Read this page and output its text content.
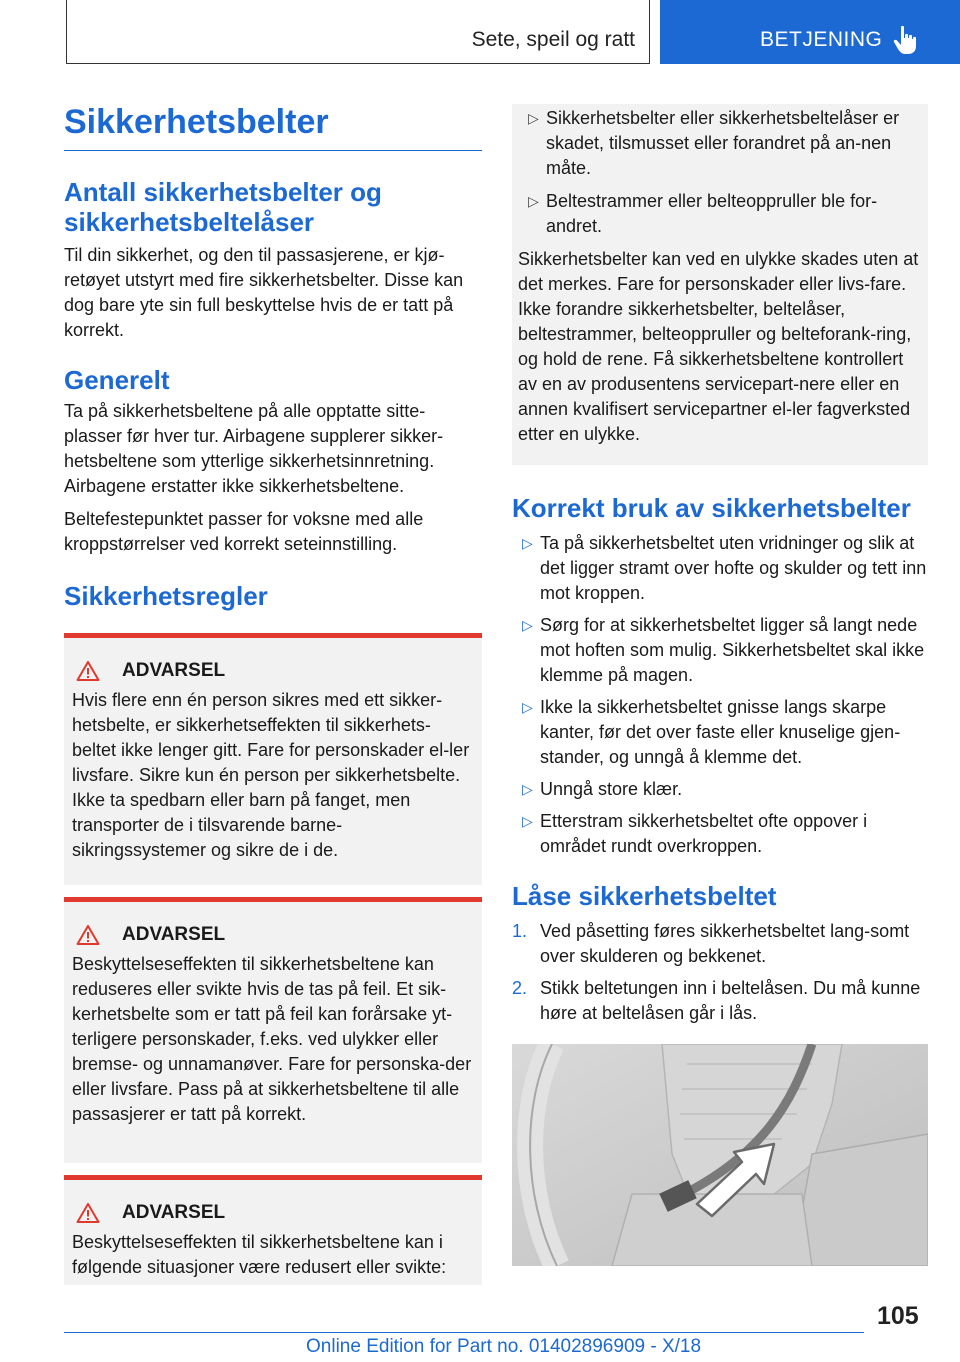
Sete, speil og ratt	BETJENING
Sikkerhetsbelter
Antall sikkerhetsbelter og sikkerhetsbeltelåser

Til din sikkerhet, og den til passasjerene, er kjø-retøyet utstyrt med fire sikkerhetsbelter. Disse kan dog bare yte sin full beskyttelse hvis de er tatt på korrekt.

Generelt

Ta på sikkerhetsbeltene på alle opptatte sitte-plasser før hver tur. Airbagene supplerer sikker-hetsbeltene som ytterlige sikkerhetsinnretning. Airbagene erstatter ikke sikkerhetsbeltene.

Beltefestepunktet passer for voksne med alle kroppstørrelser ved korrekt seteinnstilling.

Sikkerhetsregler
ADVARSEL

Hvis flere enn én person sikres med ett sikker-hetsbelte, er sikkerhetseffekten til sikkerhets-beltet ikke lenger gitt. Fare for personskader el-ler livsfare. Sikre kun én person per sikkerhetsbelte. Ikke ta spedbarn eller barn på fanget, men transporter de i tilsvarende barne-sikringssystemer og sikre de i de.

ADVARSEL

Beskyttelseseffekten til sikkerhetsbeltene kan reduseres eller svikte hvis de tas på feil. Et sik-kerhetsbelte som er tatt på feil kan forårsake yt-terligere personskader, f.eks. ved ulykker eller bremse- og unnamanøver. Fare for personska-der eller livsfare. Pass på at sikkerhetsbeltene til alle passasjerer er tatt på korrekt.

ADVARSEL

Beskyttelseseffekten til sikkerhetsbeltene kan i følgende situasjoner være redusert eller svikte:

▷ Sikkerhetsbelter eller sikkerhetsbeltelåser er skadet, tilsmusset eller forandret på an-nen måte.
▷ Beltestrammer eller belteoppruller ble for-andret.

Sikkerhetsbelter kan ved en ulykke skades uten at det merkes. Fare for personskader eller livs-fare. Ikke forandre sikkerhetsbelter, beltelåser, beltestrammer, belteoppruller og belteforank-ring, og hold de rene. Få sikkerhetsbeltene kontrollert av en av produsentens servicepart-nere eller en annen kvalifisert servicepartner el-ler fagverksted etter en ulykke.

Korrekt bruk av sikkerhetsbelter
▷ Ta på sikkerhetsbeltet uten vridninger og slik at det ligger stramt over hofte og skulder og tett inn mot kroppen.
▷ Sørg for at sikkerhetsbeltet ligger så langt nede mot hoften som mulig. Sikkerhetsbeltet skal ikke klemme på magen.
▷ Ikke la sikkerhetsbeltet gnisse langs skarpe kanter, før det over faste eller knuselige gjen-stander, og unngå å klemme det.
▷ Unngå store klær.
▷ Etterstram sikkerhetsbeltet ofte oppover i området rundt overkroppen.
Låse sikkerhetsbeltet
1. Ved påsetting føres sikkerhetsbeltet lang-somt over skulderen og bekkenet.
2. Stikk beltetungen inn i beltelåsen. Du må kunne høre at beltelåsen går i lås.
105
Online Edition for Part no. 01402896909 - X/18
